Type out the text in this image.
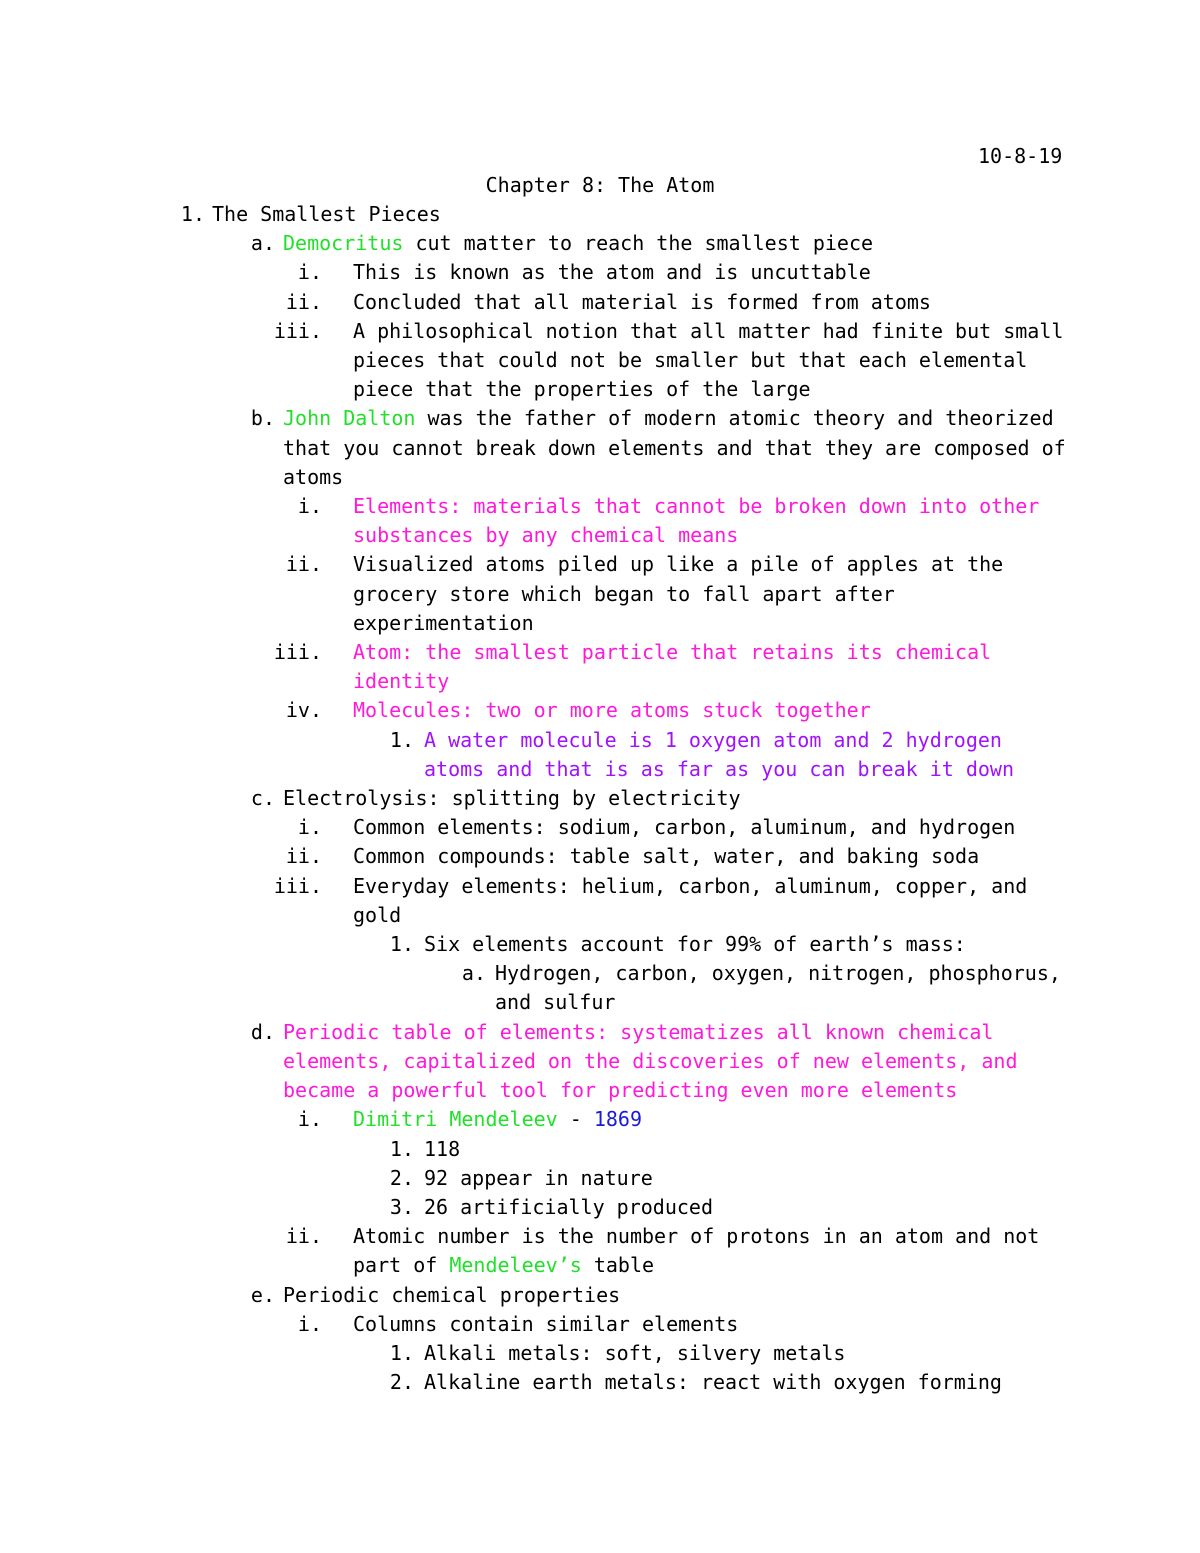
10-8-19
Chapter 8: The Atom
1. The Smallest Pieces
a. Democritus cut matter to reach the smallest piece
i.	This is known as the atom and is uncuttable
ii.	Concluded that all material is formed from atoms
iii.	A philosophical notion that all matter had finite but small
pieces that could not be smaller but that each elemental
piece that the properties of the large
b. John Dalton was the father of modern atomic theory and theorized
that you cannot break down elements and that they are composed of
atoms
i.	Elements: materials that cannot be broken down into other
substances by any chemical means
ii.	Visualized atoms piled up like a pile of apples at the
grocery store which began to fall apart after
experimentation
iii.	Atom: the smallest particle that retains its chemical
identity
iv.	Molecules: two or more atoms stuck together
1. A water molecule is 1 oxygen atom and 2 hydrogen
atoms and that is as far as you can break it down
c. Electrolysis: splitting by electricity
i.	Common elements: sodium, carbon, aluminum, and hydrogen
ii.	Common compounds: table salt, water, and baking soda
iii.	Everyday elements: helium, carbon, aluminum, copper, and
gold
1. Six elements account for 99% of earth’s mass:
a. Hydrogen, carbon, oxygen, nitrogen, phosphorus,
and sulfur
d. Periodic table of elements: systematizes all known chemical
elements, capitalized on the discoveries of new elements, and
became a powerful tool for predicting even more elements
i.	Dimitri Mendeleev - 1869
1. 118
2. 92 appear in nature
3. 26 artificially produced
ii.	Atomic number is the number of protons in an atom and not
part of Mendeleev’s table
e. Periodic chemical properties
i.	Columns contain similar elements
1. Alkali metals: soft, silvery metals
2. Alkaline earth metals: react with oxygen forming
